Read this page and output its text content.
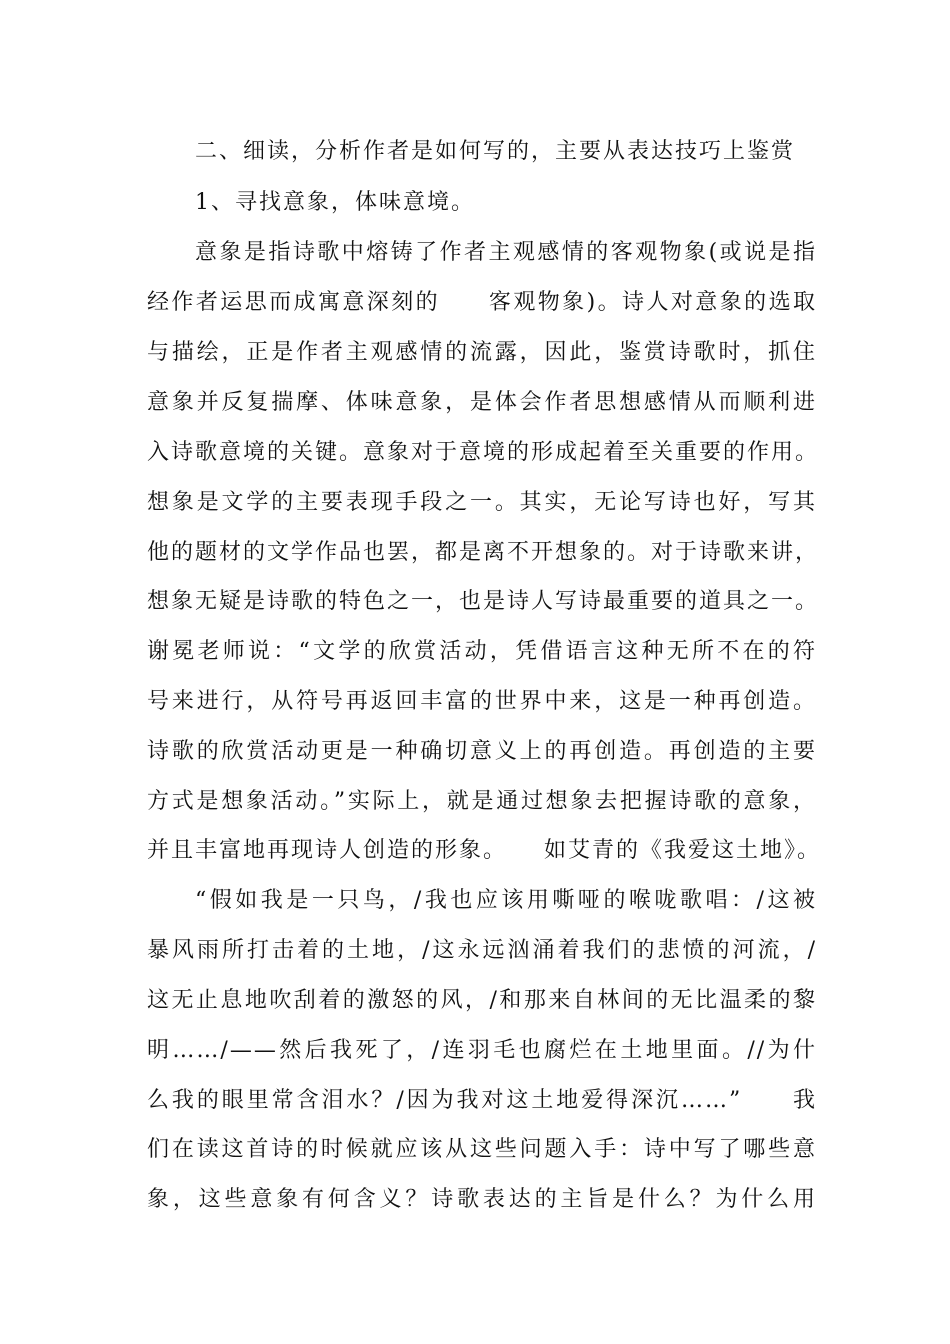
二、细读，分析作者是如何写的，主要从表达技巧上鉴赏
1、寻找意象，体味意境。
意象是指诗歌中熔铸了作者主观感情的客观物象(或说是指
经作者运思而成寓意深刻的　　客观物象)。诗人对意象的选取
与描绘，正是作者主观感情的流露，因此，鉴赏诗歌时，抓住
意象并反复揣摩、体味意象，是体会作者思想感情从而顺利进
入诗歌意境的关键。意象对于意境的形成起着至关重要的作用。
想象是文学的主要表现手段之一。其实，无论写诗也好，写其
他的题材的文学作品也罢，都是离不开想象的。对于诗歌来讲，
想象无疑是诗歌的特色之一，也是诗人写诗最重要的道具之一。
谢冕老师说：“文学的欣赏活动，凭借语言这种无所不在的符
号来进行，从符号再返回丰富的世界中来，这是一种再创造。
诗歌的欣赏活动更是一种确切意义上的再创造。再创造的主要
方式是想象活动。”实际上，就是通过想象去把握诗歌的意象，
并且丰富地再现诗人创造的形象。　　如艾青的《我爱这土地》。
“假如我是一只鸟，/我也应该用嘶哑的喉咙歌唱：/这被
暴风雨所打击着的土地，/这永远汹涌着我们的悲愤的河流，/
这无止息地吹刮着的激怒的风，/和那来自林间的无比温柔的黎
明……/——然后我死了，/连羽毛也腐烂在土地里面。//为什
么我的眼里常含泪水？/因为我对这土地爱得深沉……”　　我
们在读这首诗的时候就应该从这些问题入手：诗中写了哪些意
象，这些意象有何含义？诗歌表达的主旨是什么？为什么用
